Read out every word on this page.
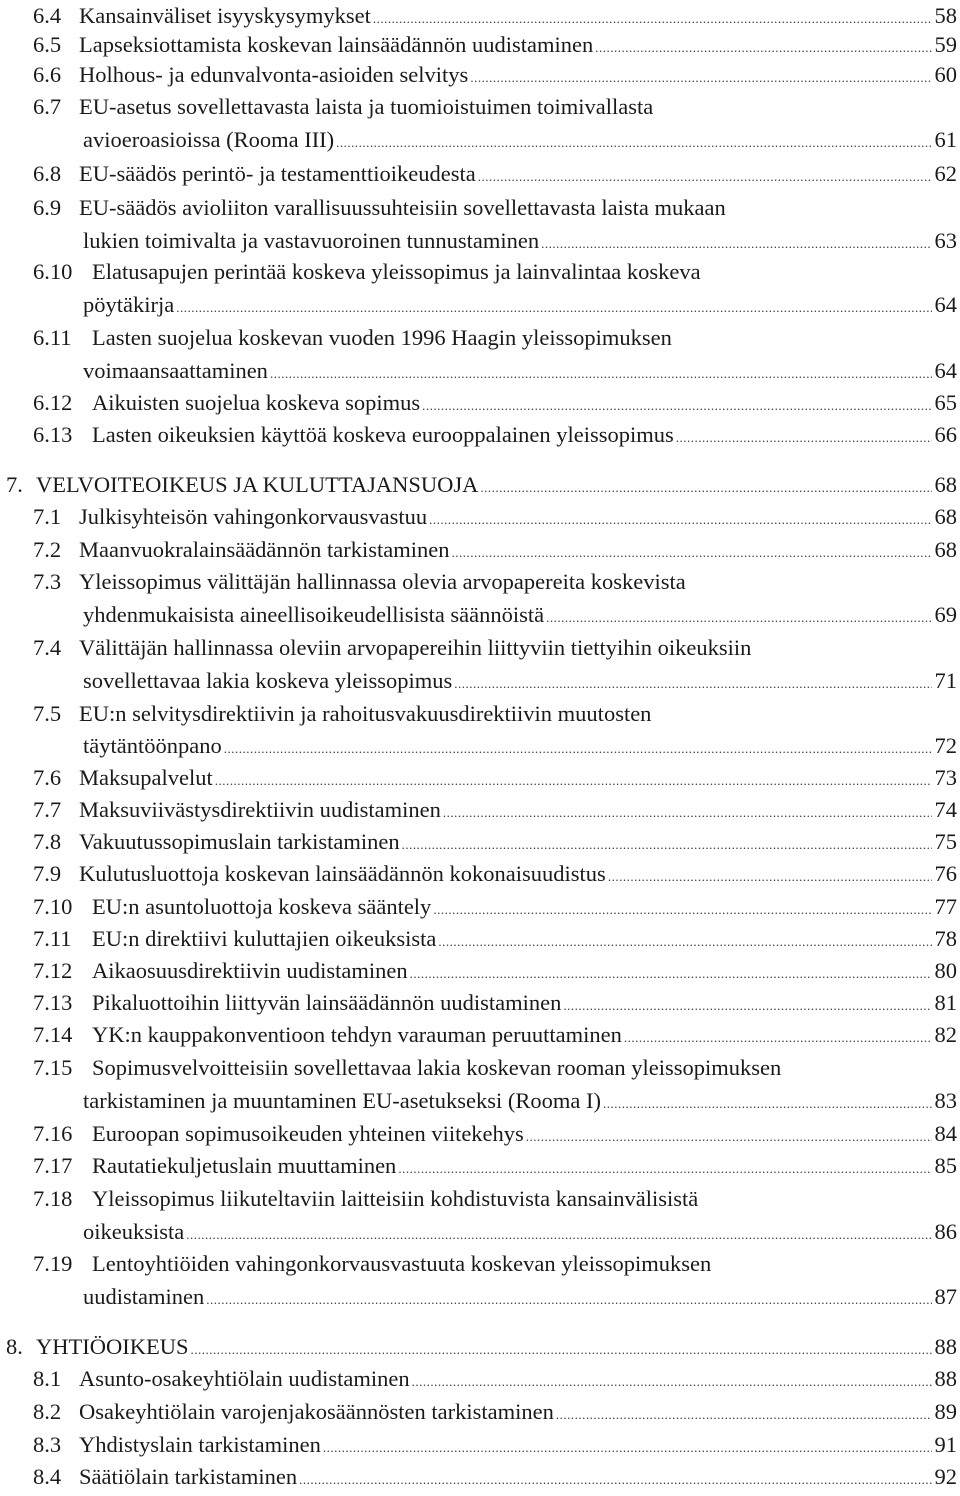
6.4 Kansainväliset isyyskysymykset .....	58
6.5 Lapseksiottamista koskevan lainsäädännön uudistaminen .....	59
6.6 Holhous- ja edunvalvonta-asioiden selvitys .....	60
6.7 EU-asetus sovellettavasta laista ja tuomioistuimen toimivallasta
avioeroasioissa (Rooma III) .....	61
6.8 EU-säädös perintö- ja testamenttioikeudesta .....	62
6.9 EU-säädös avioliiton varallisuussuhteisiin sovellettavasta laista mukaan
lukien toimivalta ja vastavuoroinen tunnustaminen .....	63
6.10 Elatusapujen perintää koskeva yleissopimus ja lainvalintaa koskeva
pöytäkirja .....	64
6.11 Lasten suojelua koskevan vuoden 1996 Haagin yleissopimuksen
voimaansaattaminen .....	64
6.12 Aikuisten suojelua koskeva sopimus .....	65
6.13 Lasten oikeuksien käyttöä koskeva eurooppalainen yleissopimus .....	66
7. VELVOITEOIKEUS JA KULUTTAJANSUOJA .....	68
7.1 Julkisyhteisön vahingonkorvausvastuu .....	68
7.2 Maanvuokralainsäädännön tarkistaminen .....	68
7.3 Yleissopimus välittäjän hallinnassa olevia arvopapereita koskevista
yhdenmukaisista aineellisoikeudellisista säännöistä .....	69
7.4 Välittäjän hallinnassa oleviin arvopapereihin liittyviin tiettyihin oikeuksiin
sovellettavaa lakia koskeva yleissopimus .....	71
7.5 EU:n selvitysdirektiivin ja rahoitusvakuusdirektiivin muutosten
täytäntöönpano .....	72
7.6 Maksupalvelut .....	73
7.7 Maksuviivästysdirektiivin uudistaminen .....	74
7.8 Vakuutussopimuslain tarkistaminen .....	75
7.9 Kulutusluottoja koskevan lainsäädännön kokonaisuudistus .....	76
7.10 EU:n asuntoluottoja koskeva sääntely .....	77
7.11 EU:n direktiivi kuluttajien oikeuksista .....	78
7.12 Aikaosuusdirektiivin uudistaminen .....	80
7.13 Pikaluottoihin liittyvän lainsäädännön uudistaminen .....	81
7.14 YK:n kauppakonventioon tehdyn varauman peruuttaminen .....	82
7.15 Sopimusvelvoitteisiin sovellettavaa lakia koskevan rooman yleissopimuksen
tarkistaminen ja muuntaminen EU-asetukseksi (Rooma I) .....	83
7.16 Euroopan sopimusoikeuden yhteinen viitekehys .....	84
7.17 Rautatiekuljetuslain muuttaminen .....	85
7.18 Yleissopimus liikuteltaviin laitteisiin kohdistuvista kansainvälisistä
oikeuksista .....	86
7.19 Lentoyhtiöiden vahingonkorvausvastuuta koskevan yleissopimuksen
uudistaminen .....	87
8. YHTIÖOIKEUS .....	88
8.1 Asunto-osakeyhtiölain uudistaminen .....	88
8.2 Osakeyhtiölain varojenjakosäännösten tarkistaminen .....	89
8.3 Yhdistyslain tarkistaminen .....	91
8.4 Säätiölain tarkistaminen .....	92
